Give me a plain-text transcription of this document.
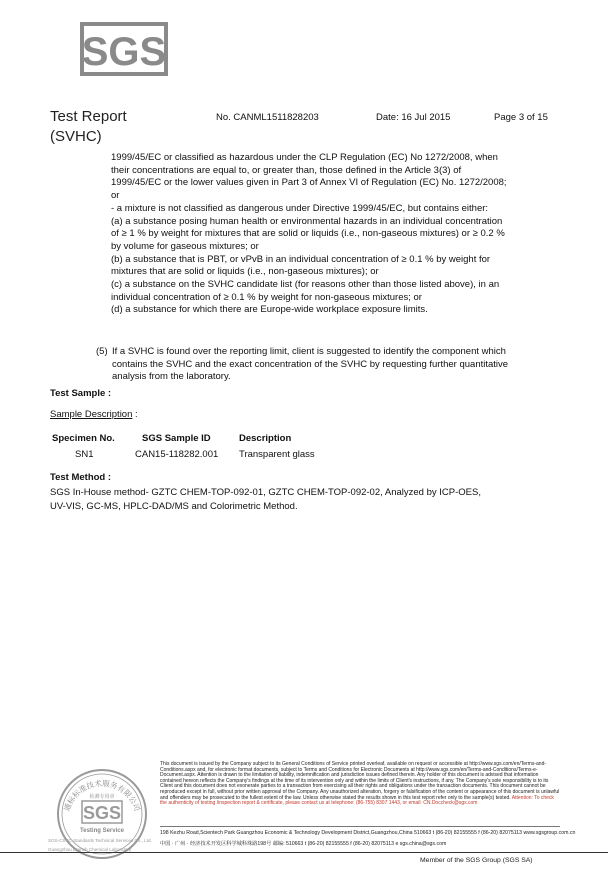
SGS
Test Report
(SVHC)
No. CANML1511828203	Date: 16 Jul 2015	Page 3 of 15
1999/45/EC or classified as hazardous under the CLP Regulation (EC) No 1272/2008, when
their concentrations are equal to, or greater than, those defined in the Article 3(3) of
1999/45/EC or the lower values given in Part 3 of Annex VI of Regulation (EC) No. 1272/2008;
or
- a mixture is not classified as dangerous under Directive 1999/45/EC, but contains either:
(a) a substance posing human health or environmental hazards in an individual concentration
of ≥ 1 % by weight for mixtures that are solid or liquids (i.e., non-gaseous mixtures) or ≥ 0.2 %
by volume for gaseous mixtures; or
(b) a substance that is PBT, or vPvB in an individual concentration of ≥ 0.1 % by weight for
mixtures that are solid or liquids (i.e., non-gaseous mixtures); or
(c) a substance on the SVHC candidate list (for reasons other than those listed above), in an
individual concentration of ≥ 0.1 % by weight for non-gaseous mixtures; or
(d) a substance for which there are Europe-wide workplace exposure limits.
(5) If a SVHC is found over the reporting limit, client is suggested to identify the component which
contains the SVHC and the exact concentration of the SVHC by requesting further quantitative
analysis from the laboratory.
Test Sample :
Sample Description :
Specimen No.	SGS Sample ID	Description
SN1	CAN15-118282.001 Transparent glass
Test Method :
SGS In-House method- GZTC CHEM-TOP-092-01, GZTC CHEM-TOP-092-02, Analyzed by ICP-OES,
UV-VIS, GC-MS, HPLC-DAD/MS and Colorimetric Method.
通标标准技术服务有限公司
检测专用章
SGS
Testing Service
SGS-CSTC Standards Technical Services Co., Ltd.
Guangzhou Branch Chemical Laboratory
This document is issued by the Company subject to its General Conditions of Service printed overleaf, available on request or accessible at http://www.sgs.com/en/Terms-and-Conditions.aspx and, for electronic format documents, subject to Terms and Conditions for Electronic Documents at http://www.sgs.com/en/Terms-and-Conditions/Terms-e-Document.aspx. Attention is drawn to the limitation of liability, indemnification and jurisdiction issues defined therein. Any holder of this document is advised that information contained hereon reflects the Company's findings at the time of its intervention only and within the limits of Client's instructions, if any. The Company's sole responsibility is to its Client and this document does not exonerate parties to a transaction from exercising all their rights and obligations under the transaction documents. This document cannot be reproduced except in full, without prior written approval of the Company. Any unauthorized alteration, forgery or falsification of the content or appearance of this document is unlawful and offenders may be prosecuted to the fullest extent of the law. Unless otherwise stated the results shown in this test report refer only to the sample(s) tested. Attention: To check the authenticity of testing /inspection report & certificate, please contact us at telephone: (86-755) 8307 1443, or email: CN.Doccheck@sgs.com
198 Kezhu Road,Scientech Park Guangzhou Economic & Technology Development District,Guangzhou,China 510663 t (86-20) 82155555 f (86-20) 82075113 www.sgsgroup.com.cn
中国 · 广州 · 经济技术开发区科学城科珠路198号 邮编: 510663 t (86-20) 82155555 f (86-20) 82075113 e sgs.china@sgs.com
Member of the SGS Group (SGS SA)
